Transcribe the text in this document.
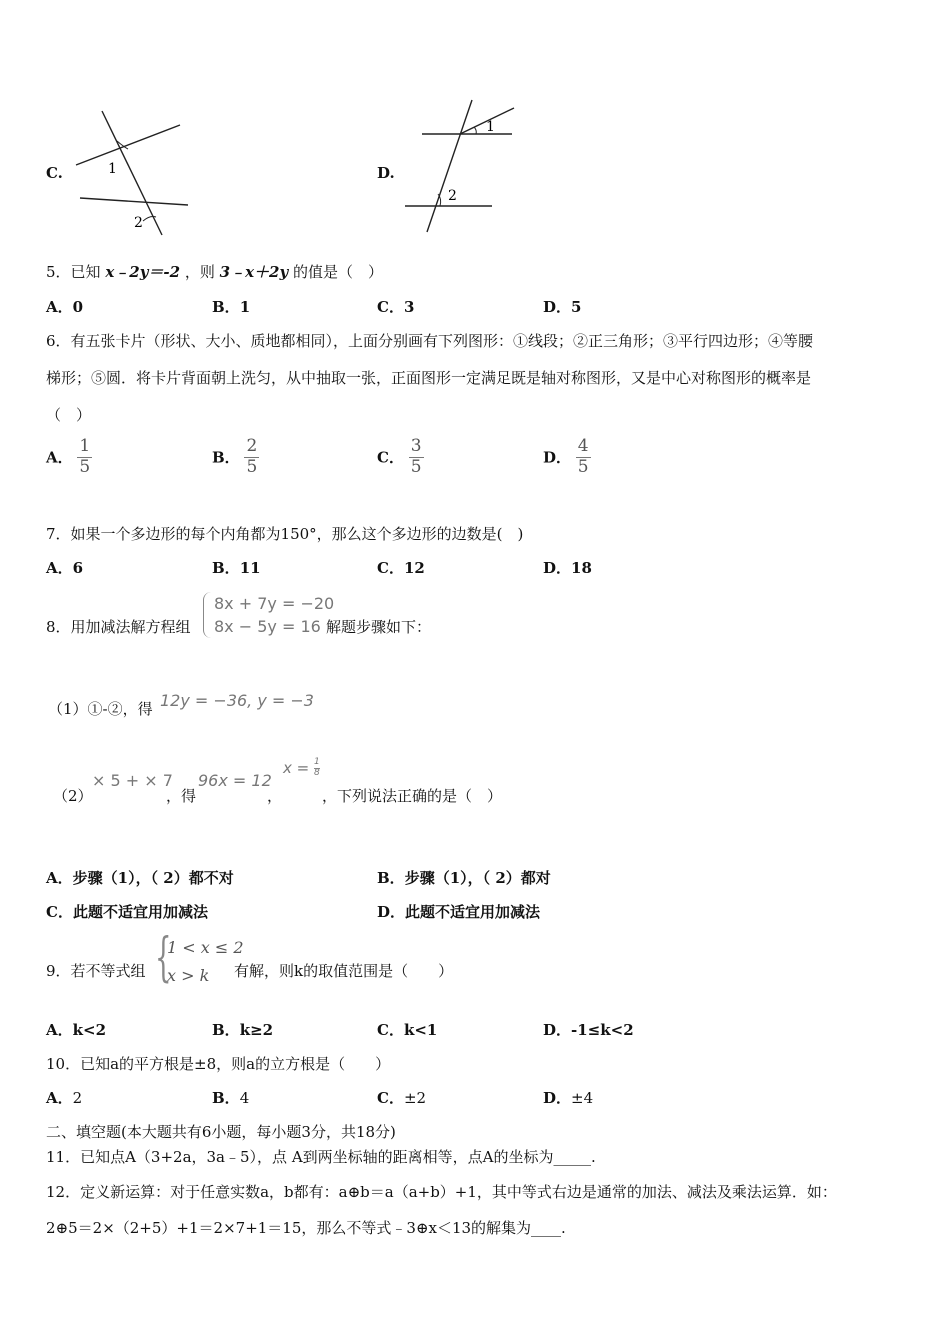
C.	1
2
D.
1
2
5．已知 x﹣2y＝-2 ，则 3﹣x＋2y 的值是（　）
A．0	B．1	C．3	D．5
6．有五张卡片（形状、大小、质地都相同），上面分别画有下列图形：①线段；②正三角形；③平行四边形；④等腰
梯形；⑤圆．将卡片背面朝上洗匀，从中抽取一张，正面图形一定满足既是轴对称图形，又是中心对称图形的概率是
（　）
A． $\frac{1}{5}$	B． $\frac{2}{5}$	C． $\frac{3}{5}$	D． $\frac{4}{5}$
7．如果一个多边形的每个内角都为150°，那么这个多边形的边数是(　)
A．6	B．11	C．12	D．18
8．用加减法解方程组
8x + 7y = −20
8x − 5y = 16 解题步骤如下：
（1）①-②，得 12y = −36, y = −3
（2）
× 5 + × 7
，得
96x = 12
，
$x = \frac{1}{8}$
，下列说法正确的是（　）
A．步骤（1），（ 2）都不对	B．步骤（1），（ 2）都对
C．此题不适宜用加减法	D．此题不适宜用加减法
9．若不等式组 {
1 < x ≤ 2
x > k	有解，则k的取值范围是（　　）
A．k<2	B．k≥2	C．k<1	D．-1≤k<2
10．已知a的平方根是±8，则a的立方根是（　　）
A．2	B．4	C．±2	D．±4
二、填空题(本大题共有6小题，每小题3分，共18分)
11．已知点A（3+2a，3a﹣5），点 A到两坐标轴的距离相等，点A的坐标为_____.
12．定义新运算：对于任意实数a，b都有：a⊕b＝a（a+b）+1，其中等式右边是通常的加法、减法及乘法运算．如：
2⊕5＝2×（2+5）+1＝2×7+1＝15，那么不等式﹣3⊕x＜13的解集为____.
